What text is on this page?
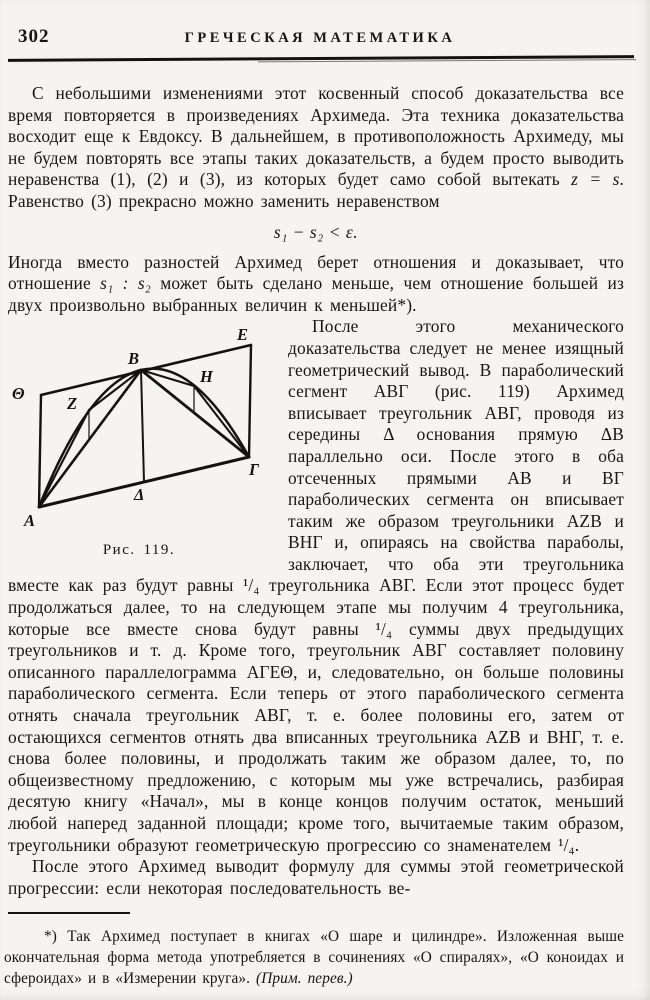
302	ГРЕЧЕСКАЯ МАТЕМАТИКА

С небольшими изменениями этот косвенный способ доказательства все время повторяется в произведениях Архимеда. Эта техника доказательства восходит еще к Евдоксу. В дальнейшем, в противоположность Архимеду, мы не будем повторять все этапы таких доказательств, а будем просто выводить неравенства (1), (2) и (3), из которых будет само собой вытекать z = s. Равенство (3) прекрасно можно заменить неравенством

s₁ − s₂ < ε.

Иногда вместо разностей Архимед берет отношения и доказывает, что отношение s₁ : s₂ может быть сделано меньше, чем отношение большей из двух произвольно выбранных величин к меньшей*).

Θ
E
B
H
Z
Γ
Δ
A
Рис. 119.
После этого механического доказательства следует не менее изящный геометрический вывод. В параболический сегмент АВГ (рис. 119) Архимед вписывает треугольник АВГ, проводя из середины Δ основания прямую ΔВ параллельно оси. После этого в оба отсеченных прямыми АВ и ВГ параболических сегмента он вписывает таким же образом треугольники AZB и ВНГ и, опираясь на свойства параболы, заключает, что оба эти треугольника вместе как раз будут равны ¹/₄ треугольника АВГ. Если этот процесс будет продолжаться далее, то на следующем этапе мы получим 4 треугольника, которые все вместе снова будут равны ¹/₄ суммы двух предыдущих треугольников и т. д. Кроме того, треугольник АВГ составляет половину описанного параллелограмма АГЕΘ, и, следовательно, он больше половины параболического сегмента. Если теперь от этого параболического сегмента отнять сначала треугольник АВГ, т. е. более половины его, затем от остающихся сегментов отнять два вписанных треугольника AZB и ВНГ, т. е. снова более половины, и продолжать таким же образом далее, то, по общеизвестному предложению, с которым мы уже встречались, разбирая десятую книгу «Начал», мы в конце концов получим остаток, меньший любой наперед заданной площади; кроме того, вычитаемые таким образом, треугольники образуют геометрическую прогрессию со знаменателем ¹/₄.

После этого Архимед выводит формулу для суммы этой геометрической прогрессии: если некоторая последовательность ве-

*) Так Архимед поступает в книгах «О шаре и цилиндре». Изложенная выше окончательная форма метода употребляется в сочинениях «О спиралях», «О коноидах и сфероидах» и в «Измерении круга». (Прим. перев.)
